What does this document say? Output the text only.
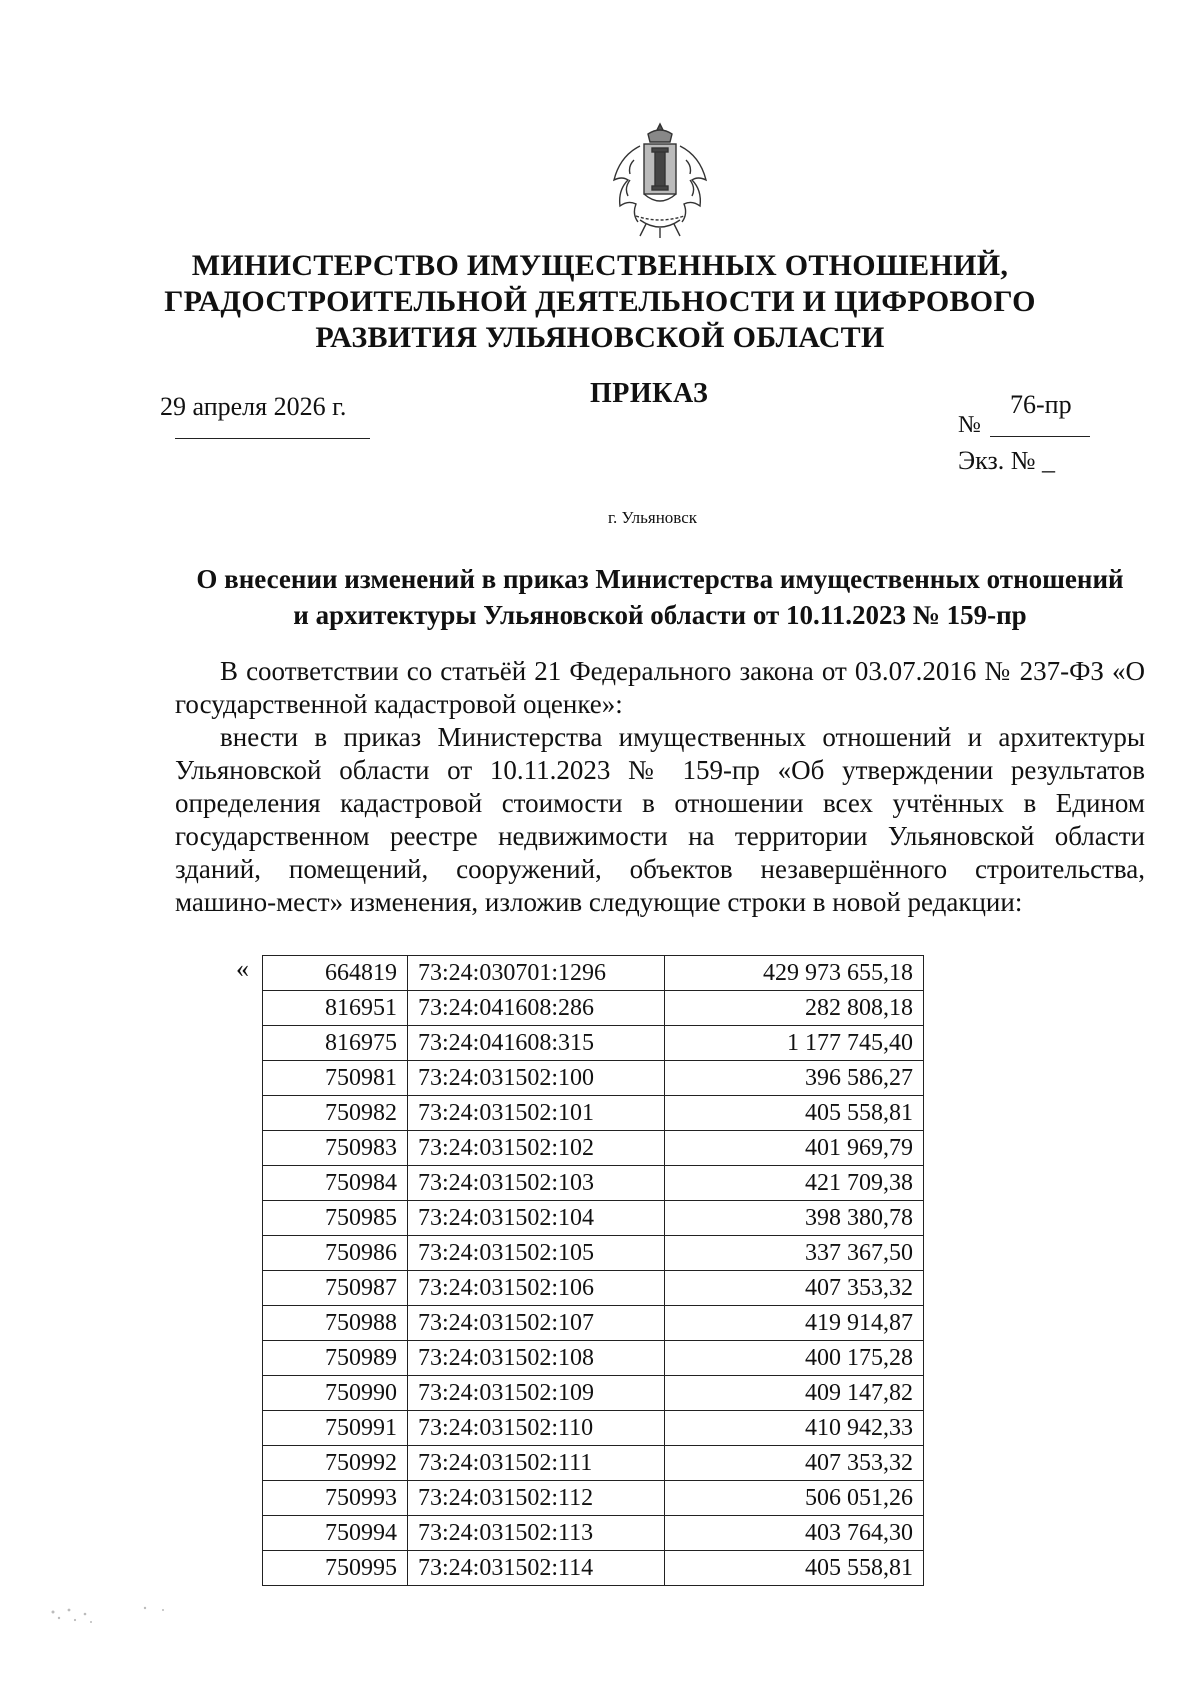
МИНИСТЕРСТВО ИМУЩЕСТВЕННЫХ ОТНОШЕНИЙ,
ГРАДОСТРОИТЕЛЬНОЙ ДЕЯТЕЛЬНОСТИ И ЦИФРОВОГО
РАЗВИТИЯ УЛЬЯНОВСКОЙ ОБЛАСТИ
29 апреля 2026 г.	ПРИКАЗ	76-пр
№
Экз. № _
г. Ульяновск
О внесении изменений в приказ Министерства имущественных отношений
и архитектуры Ульяновской области от 10.11.2023 № 159-пр
В соответствии со статьёй 21 Федерального закона от 03.07.2016 № 237-ФЗ «О государственной кадастровой оценке»:
внести в приказ Министерства имущественных отношений и архитектуры Ульяновской области от 10.11.2023 № 159-пр «Об утверждении результатов определения кадастровой стоимости в отношении всех учтённых в Едином государственном реестре недвижимости на территории Ульяновской области зданий, помещений, сооружений, объектов незавершённого строительства, машино-мест» изменения, изложив следующие строки в новой редакции:
«	664819	73:24:030701:1296	429 973 655,18
816951	73:24:041608:286	282 808,18
816975	73:24:041608:315	1 177 745,40
750981	73:24:031502:100	396 586,27
750982	73:24:031502:101	405 558,81
750983	73:24:031502:102	401 969,79
750984	73:24:031502:103	421 709,38
750985	73:24:031502:104	398 380,78
750986	73:24:031502:105	337 367,50
750987	73:24:031502:106	407 353,32
750988	73:24:031502:107	419 914,87
750989	73:24:031502:108	400 175,28
750990	73:24:031502:109	409 147,82
750991	73:24:031502:110	410 942,33
750992	73:24:031502:111	407 353,32
750993	73:24:031502:112	506 051,26
750994	73:24:031502:113	403 764,30
750995	73:24:031502:114	405 558,81
